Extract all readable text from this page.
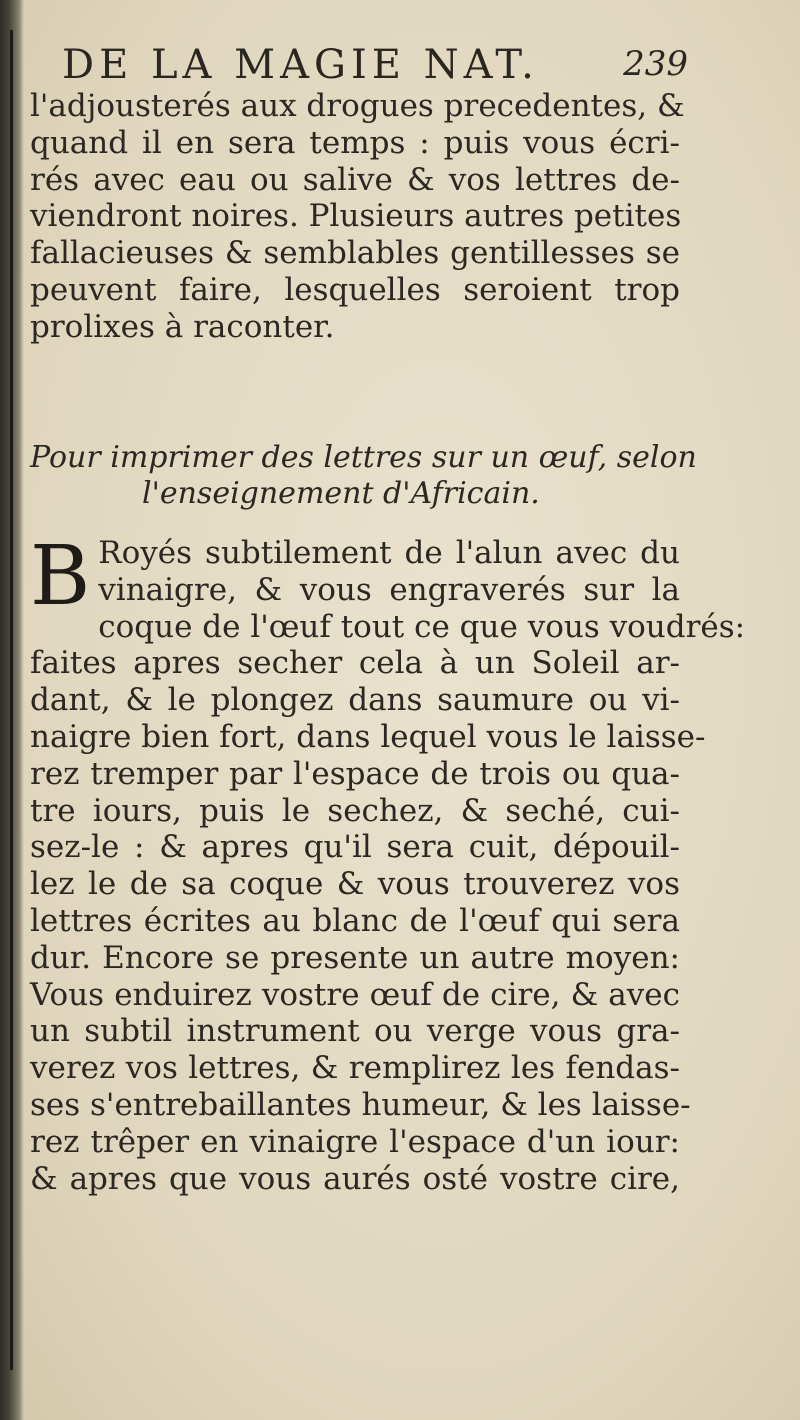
DE LA MAGIE NAT. 239
l'adjousterés aux drogues precedentes, &
quand il en sera temps : puis vous écri-
rés avec eau ou salive & vos lettres de-
viendront noires. Plusieurs autres petites
fallacieuses & semblables gentillesses se
peuvent faire, lesquelles seroient trop
prolixes à raconter.
Pour imprimer des lettres sur un œuf, selon
l'enseignement d'Africain.
B Royés subtilement de l'alun avec du
vinaigre, & vous engraverés sur la
coque de l'œuf tout ce que vous voudrés:
faites apres secher cela à un Soleil ar-
dant, & le plongez dans saumure ou vi-
naigre bien fort, dans lequel vous le laisse-
rez tremper par l'espace de trois ou qua-
tre iours, puis le sechez, & seché, cui-
sez-le : & apres qu'il sera cuit, dépouil-
lez le de sa coque & vous trouverez vos
lettres écrites au blanc de l'œuf qui sera
dur. Encore se presente un autre moyen:
Vous enduirez vostre œuf de cire, & avec
un subtil instrument ou verge vous gra-
verez vos lettres, & remplirez les fendas-
ses s'entrebaillantes humeur, & les laisse-
rez trêper en vinaigre l'espace d'un iour:
& apres que vous aurés osté vostre cire,
